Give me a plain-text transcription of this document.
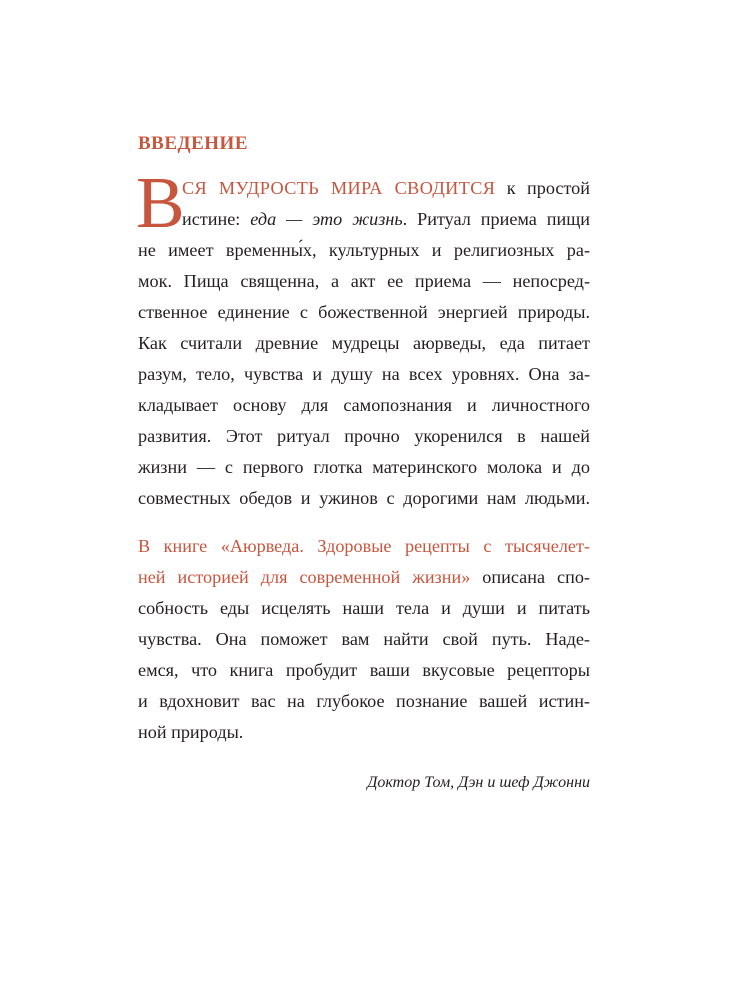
ВВЕДЕНИЕ
В
СЯ МУДРОСТЬ МИРА СВОДИТСЯ к простой
истине: еда — это жизнь. Ритуал приема пищи
не имеет временны́х, культурных и религиозных ра-
мок. Пища священна, а акт ее приема — непосред-
ственное единение с божественной энергией природы.
Как считали древние мудрецы аюрведы, еда питает
разум, тело, чувства и душу на всех уровнях. Она за-
кладывает основу для самопознания и личностного
развития. Этот ритуал прочно укоренился в нашей
жизни — с первого глотка материнского молока и до
совместных обедов и ужинов с дорогими нам людьми.
В книге «Аюрведа. Здоровые рецепты с тысячелет-
ней историей для современной жизни» описана спо-
собность еды исцелять наши тела и души и питать
чувства. Она поможет вам найти свой путь. Наде-
емся, что книга пробудит ваши вкусовые рецепторы
и вдохновит вас на глубокое познание вашей истин-
ной природы.
Доктор Том, Дэн и шеф Джонни
